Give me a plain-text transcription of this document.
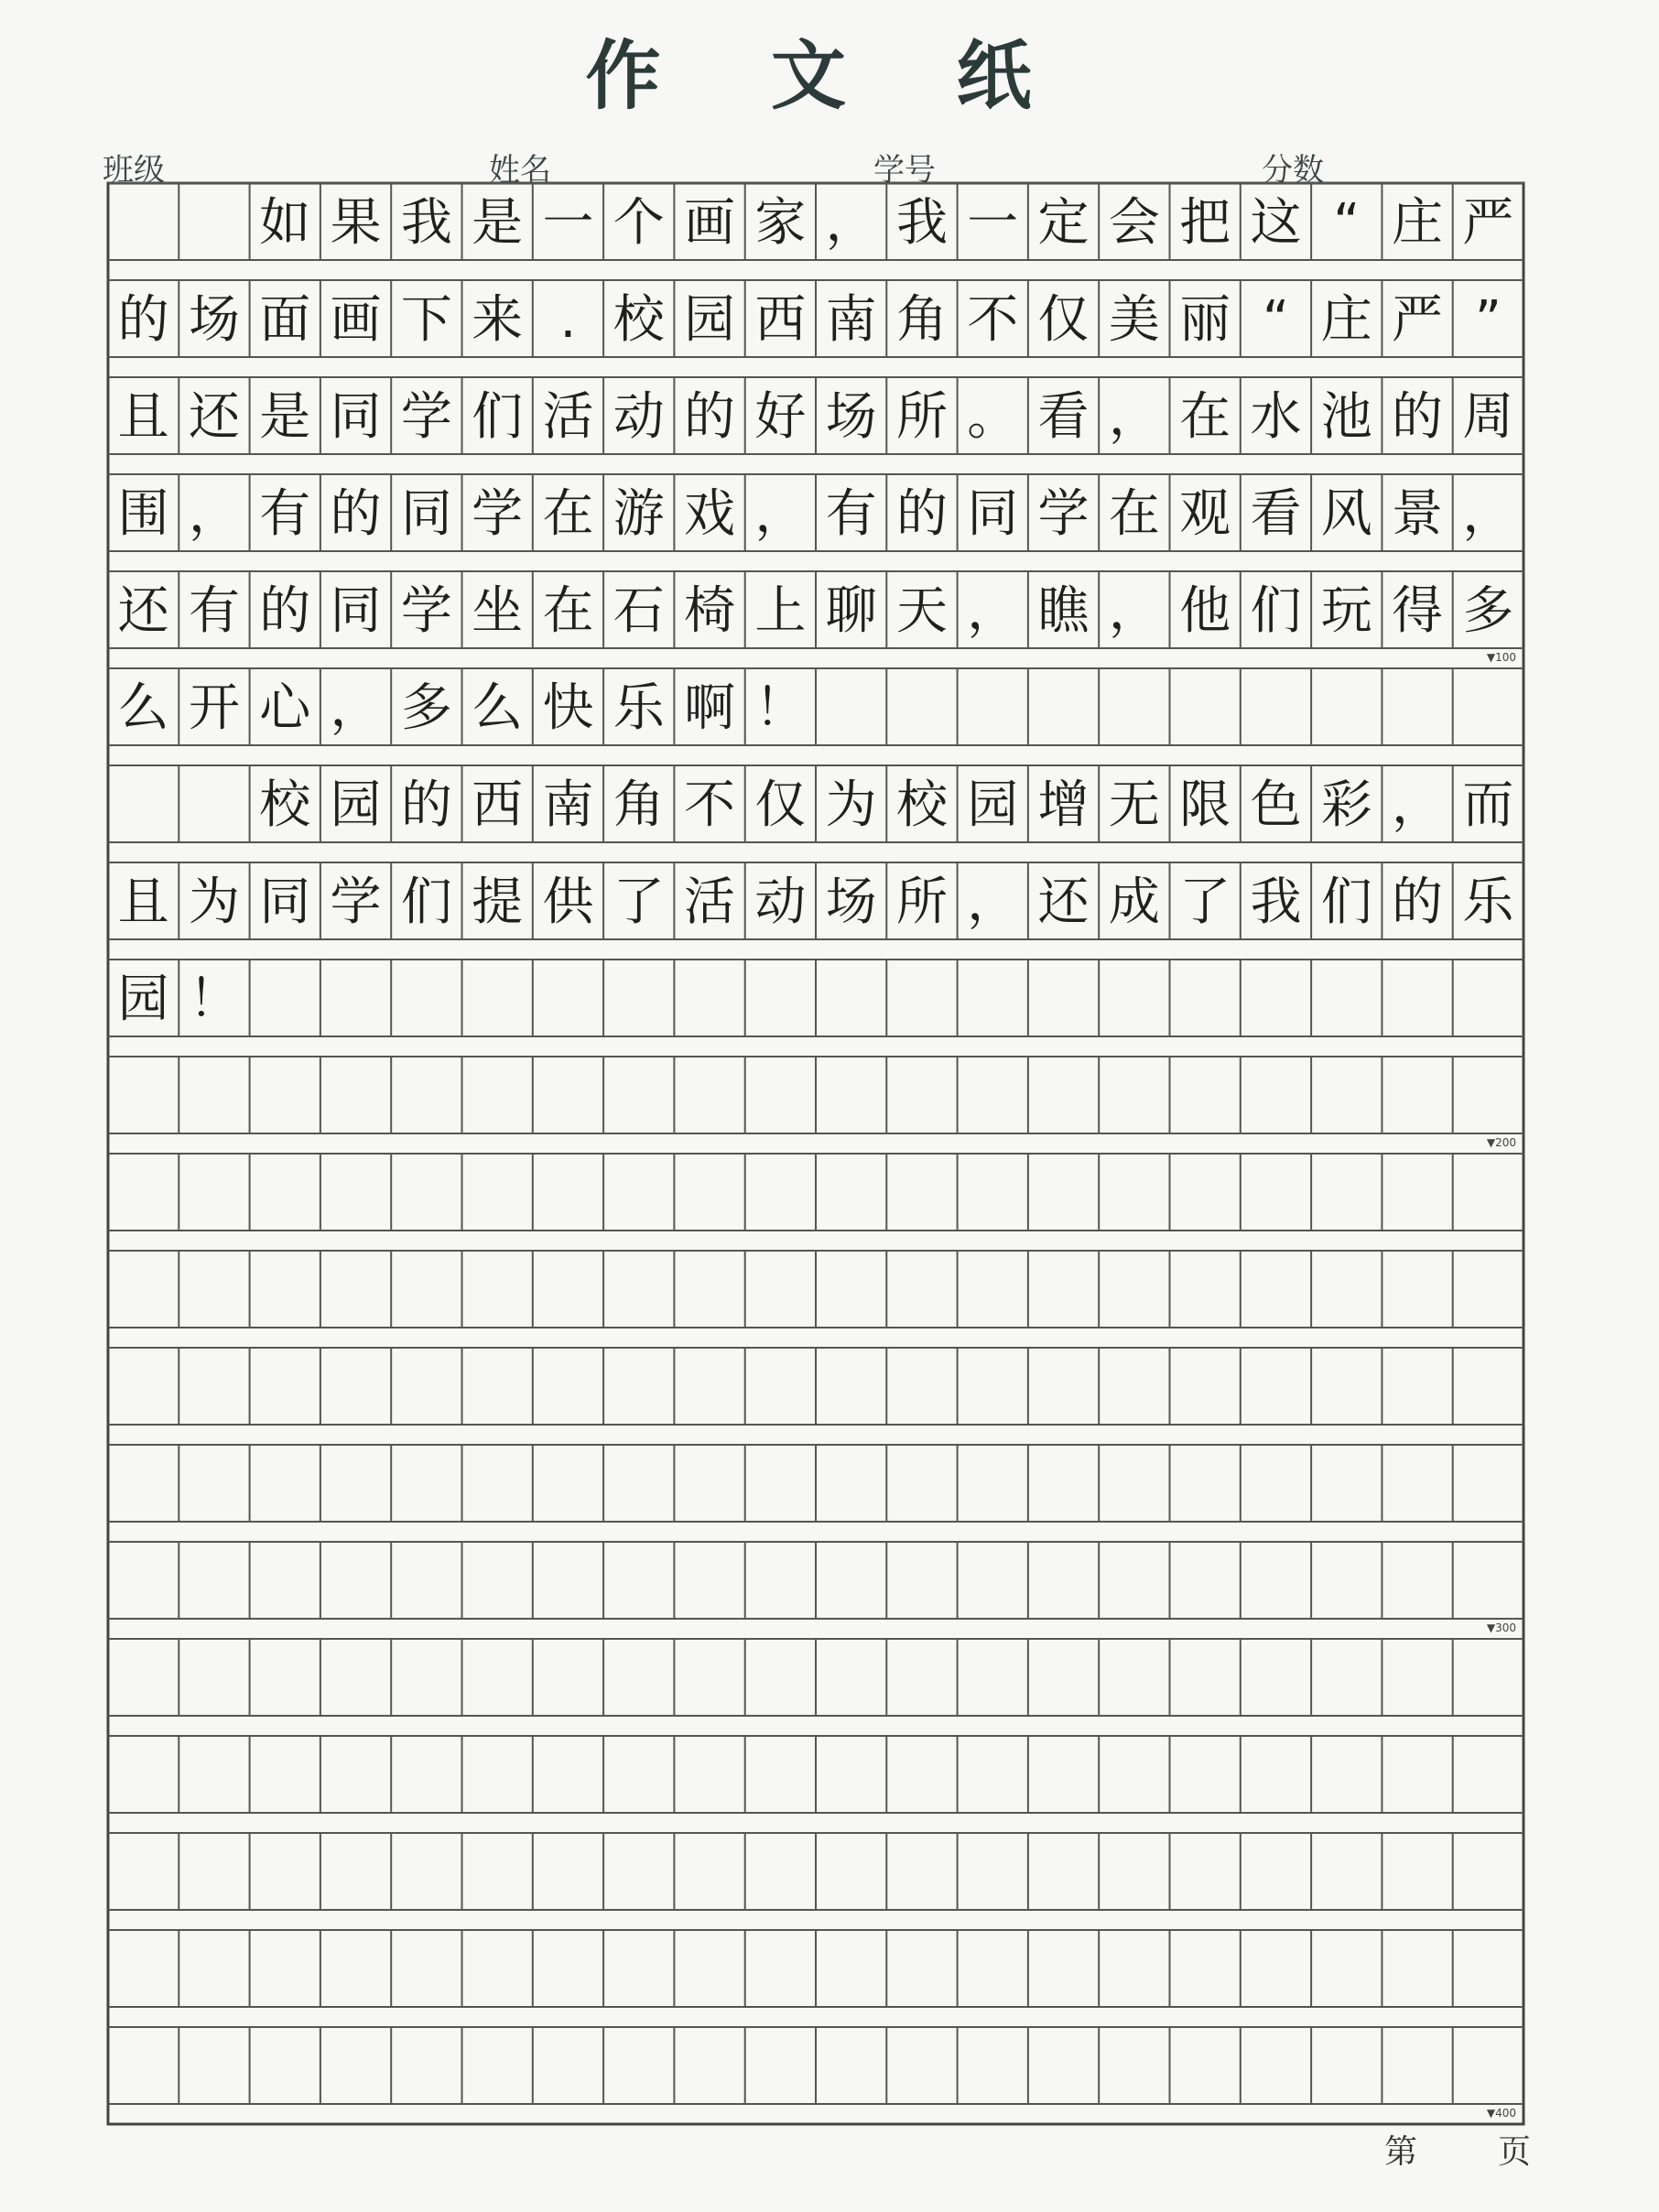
作 文 纸
班级	姓名	学号	分数
如 果 我 是 一 个 画 家 ， 我 一 定 会 把 这 “ 庄 严
的 场 面 画 下 来 . 校 园 西 南 角 不 仅 美 丽 “ 庄 严 ”
且 还 是 同 学 们 活 动 的 好 场 所 。 看 ， 在 水 池 的 周
围 ， 有 的 同 学 在 游 戏 ， 有 的 同 学 在 观 看 风 景 ，
还 有 的 同 学 坐 在 石 椅 上 聊 天 ， 瞧 ， 他 们 玩 得 多
▼100
么 开 心 ， 多 么 快 乐 啊 ！
校 园 的 西 南 角 不 仅 为 校 园 增 无 限 色 彩 ， 而
且 为 同 学 们 提 供 了 活 动 场 所 ， 还 成 了 我 们 的 乐
园 ！
▼200
▼300
▼400
第 页
